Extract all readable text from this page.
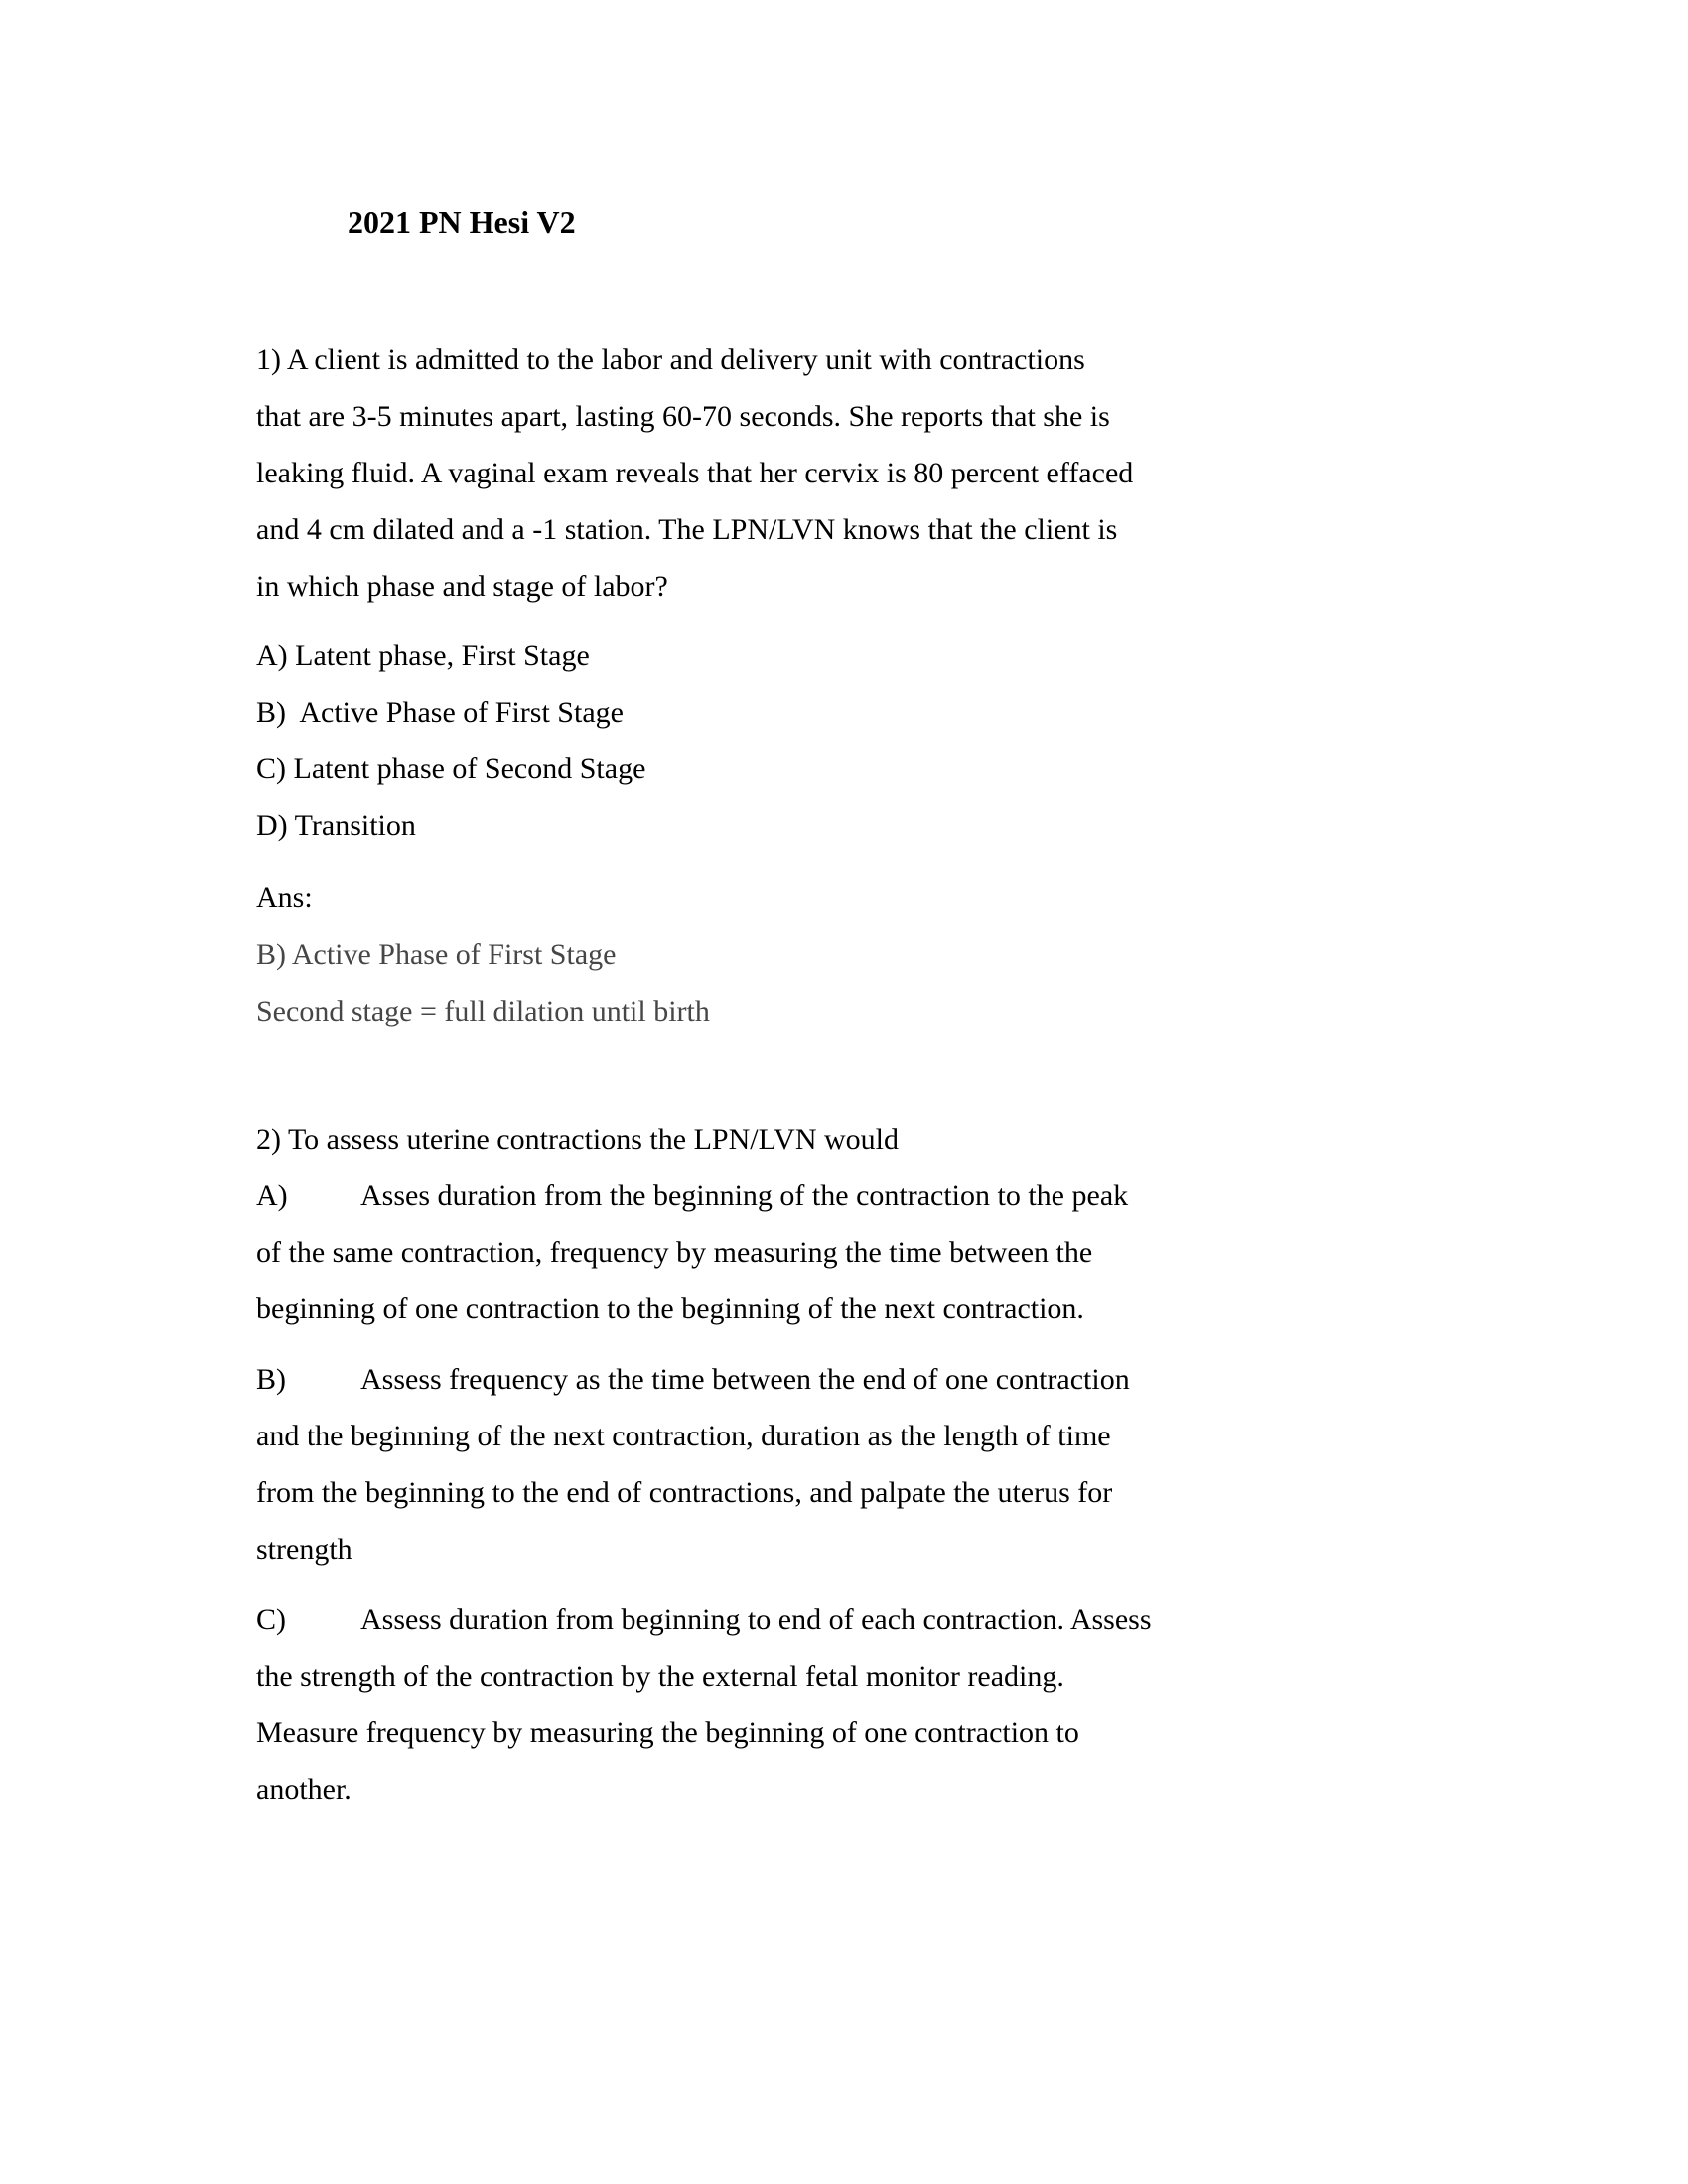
2021 PN Hesi V2
1) A client is admitted to the labor and delivery unit with contractions
that are 3-5 minutes apart, lasting 60-70 seconds. She reports that she is
leaking fluid. A vaginal exam reveals that her cervix is 80 percent effaced
and 4 cm dilated and a -1 station. The LPN/LVN knows that the client is
in which phase and stage of labor?
A) Latent phase, First Stage
B)  Active Phase of First Stage
C) Latent phase of Second Stage
D) Transition
Ans:
B) Active Phase of First Stage
Second stage = full dilation until birth
2) To assess uterine contractions the LPN/LVN would
A) Asses duration from the beginning of the contraction to the peak
of the same contraction, frequency by measuring the time between the
beginning of one contraction to the beginning of the next contraction.
B)	Assess frequency as the time between the end of one contraction
and the beginning of the next contraction, duration as the length of time
from the beginning to the end of contractions, and palpate the uterus for
strength
C)	Assess duration from beginning to end of each contraction. Assess
the strength of the contraction by the external fetal monitor reading.
Measure frequency by measuring the beginning of one contraction to
another.
